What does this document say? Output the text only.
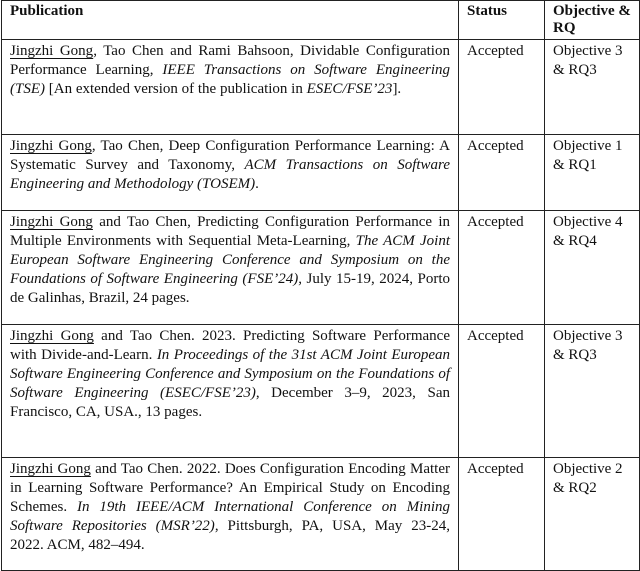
Publication	Status	Objective & RQ
Jingzhi Gong, Tao Chen and Rami Bahsoon, Dividable Configuration Performance Learning, IEEE Transactions on Software Engineering (TSE) [An extended version of the publication in ESEC/FSE’23].	Accepted	Objective 3 & RQ3
Jingzhi Gong, Tao Chen, Deep Configuration Performance Learning: A Systematic Survey and Taxonomy, ACM Transactions on Software Engineering and Methodology (TOSEM).	Accepted	Objective 1 & RQ1
Jingzhi Gong and Tao Chen, Predicting Configuration Performance in Multiple Environments with Sequential Meta-Learning, The ACM Joint European Software Engineering Conference and Symposium on the Foundations of Software Engineering (FSE’24), July 15-19, 2024, Porto de Galinhas, Brazil, 24 pages.	Accepted	Objective 4 & RQ4
Jingzhi Gong and Tao Chen. 2023. Predicting Software Performance with Divide-and-Learn. In Proceedings of the 31st ACM Joint European Software Engineering Conference and Symposium on the Foundations of Software Engineering (ESEC/FSE’23), December 3–9, 2023, San Francisco, CA, USA., 13 pages.	Accepted	Objective 3 & RQ3
Jingzhi Gong and Tao Chen. 2022. Does Configuration Encoding Matter in Learning Software Performance? An Empirical Study on Encoding Schemes. In 19th IEEE/ACM International Conference on Mining Software Repositories (MSR’22), Pittsburgh, PA, USA, May 23-24, 2022. ACM, 482–494.	Accepted	Objective 2 & RQ2
